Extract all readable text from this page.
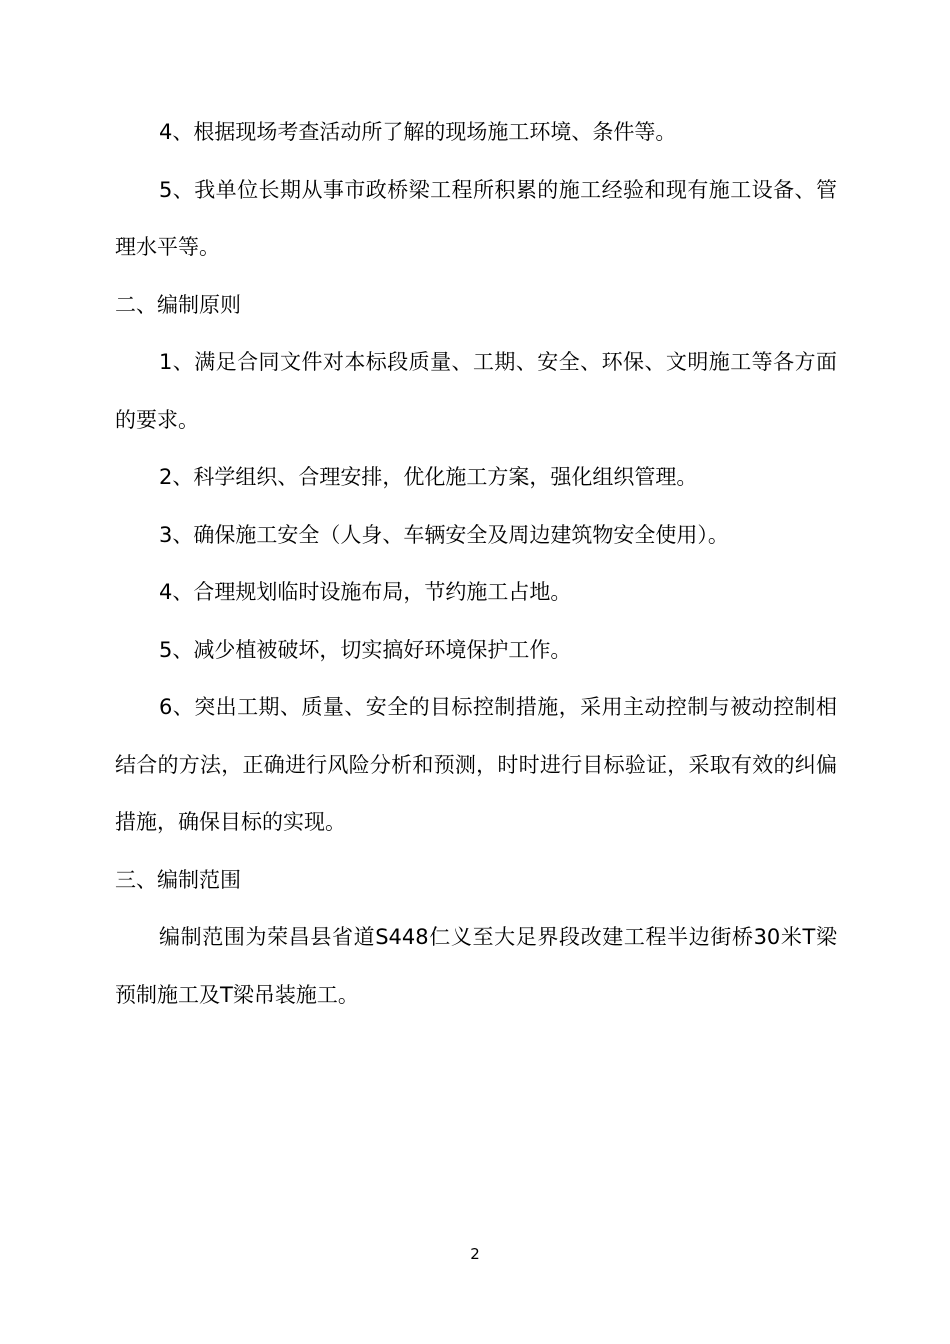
4、根据现场考查活动所了解的现场施工环境、条件等。

5、我单位长期从事市政桥梁工程所积累的施工经验和现有施工设备、管理水平等。

二、编制原则

1、满足合同文件对本标段质量、工期、安全、环保、文明施工等各方面的要求。

2、科学组织、合理安排，优化施工方案，强化组织管理。

3、确保施工安全（人身、车辆安全及周边建筑物安全使用）。

4、合理规划临时设施布局，节约施工占地。

5、减少植被破坏，切实搞好环境保护工作。

6、突出工期、质量、安全的目标控制措施，采用主动控制与被动控制相结合的方法，正确进行风险分析和预测，时时进行目标验证，采取有效的纠偏措施，确保目标的实现。

三、编制范围

编制范围为荣昌县省道S448仁义至大足界段改建工程半边街桥30米T梁预制施工及T梁吊装施工。

2
